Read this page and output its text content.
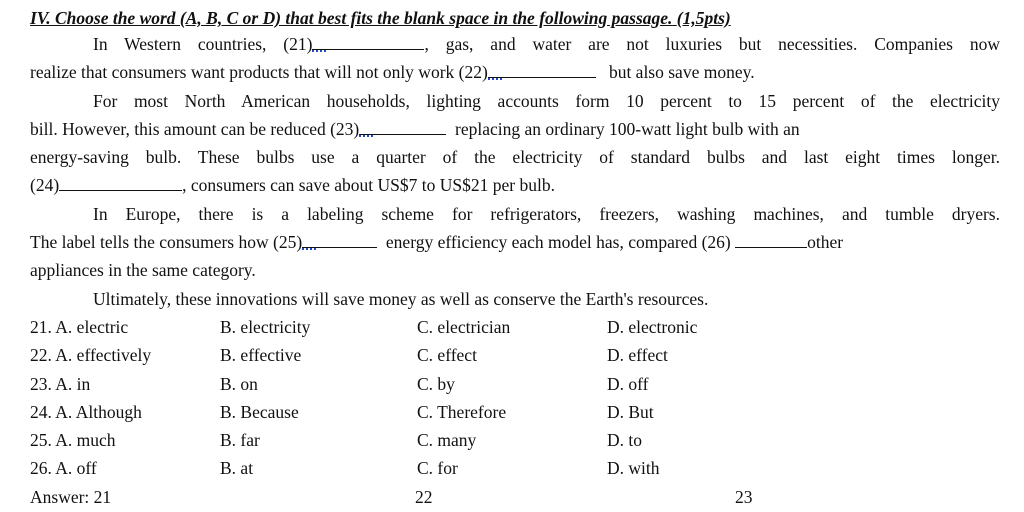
IV. Choose the word (A, B, C or D) that best fits the blank space in the following passage. (1,5pts)
In Western countries, (21)	, gas, and water are not luxuries but necessities. Companies now
realize that consumers want products that will not only work (22)	but also save money.
For most North American households, lighting accounts form 10 percent to 15 percent of the electricity
bill. However, this amount can be reduced (23)	replacing an ordinary 100-watt light bulb with an
energy-saving bulb. These bulbs use a quarter of the electricity of standard bulbs and last eight times longer.
(24)	, consumers can save about US$7 to US$21 per bulb.
In Europe, there is a labeling scheme for refrigerators, freezers, washing machines, and tumble dryers.
The label tells the consumers how (25)	energy efficiency each model has, compared (26)	other
appliances in the same category.
Ultimately, these innovations will save money as well as conserve the Earth's resources.
21. A. electric	B. electricity	C. electrician	D. electronic
22. A. effectively	B. effective	C. effect	D. effect
23. A. in	B. on	C. by	D. off
24. A. Although	B. Because	C. Therefore	D. But
25. A. much	B. far	C. many	D. to
26. A. off	B. at	C. for	D. with
Answer: 21	22	23
